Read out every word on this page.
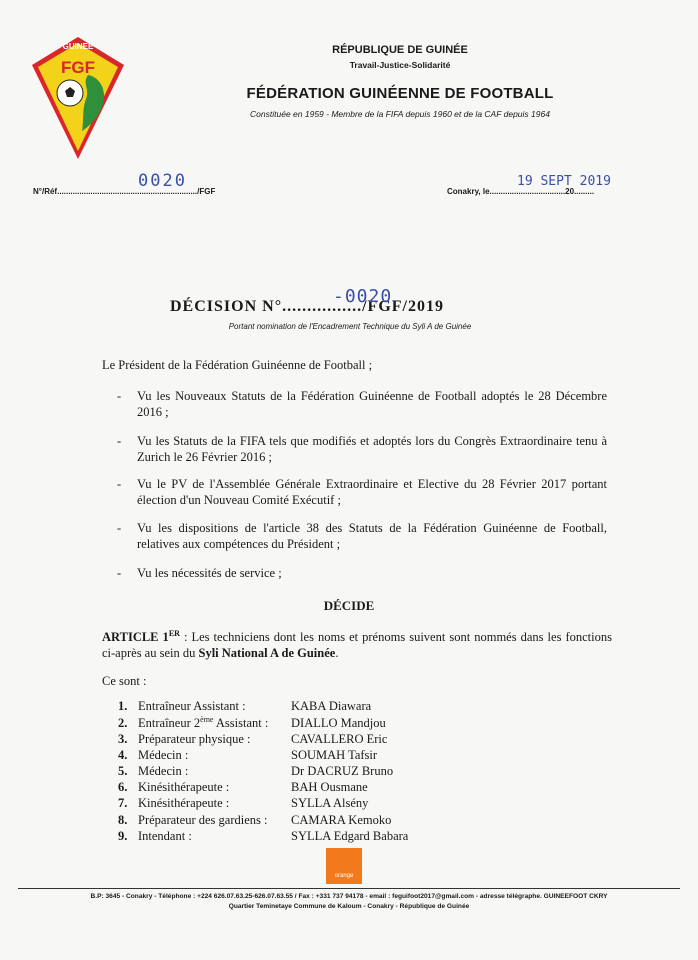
GUINEE
FGF
RÉPUBLIQUE DE GUINÉE
Travail-Justice-Solidarité
FÉDÉRATION GUINÉENNE DE FOOTBALL
Constituée en 1959 - Membre de la FIFA depuis 1960 et de la CAF depuis 1964
N°/Réf.............................................................../FGF
0020
Conakry, le..................................20.........
19 SEPT 2019
DÉCISION N°................/FGF/2019
-0020
Portant nomination de l'Encadrement Technique du Syli A de Guinée
Le Président de la Fédération Guinéenne de Football ;
- Vu les Nouveaux Statuts de la Fédération Guinéenne de Football adoptés le 28 Décembre 2016 ;
- Vu les Statuts de la FIFA tels que modifiés et adoptés lors du Congrès Extraordinaire tenu à Zurich le 26 Février 2016 ;
- Vu le PV de l'Assemblée Générale Extraordinaire et Elective du 28 Février 2017 portant élection d'un Nouveau Comité Exécutif ;
- Vu les dispositions de l'article 38 des Statuts de la Fédération Guinéenne de Football, relatives aux compétences du Président ;
- Vu les nécessités de service ;
DÉCIDE
ARTICLE 1ER : Les techniciens dont les noms et prénoms suivent sont nommés dans les fonctions ci-après au sein du Syli National A de Guinée.
Ce sont :
1. Entraîneur Assistant :	KABA Diawara
2. Entraîneur 2ème Assistant : DIALLO Mandjou
3. Préparateur physique :	CAVALLERO Eric
4. Médecin :	SOUMAH Tafsir
5. Médecin :	Dr DACRUZ Bruno
6. Kinésithérapeute :	BAH Ousmane
7. Kinésithérapeute :	SYLLA Alsény
8. Préparateur des gardiens : CAMARA Kemoko
9. Intendant :	SYLLA Edgard Babara
orange
B.P: 3645 - Conakry - Téléphone : +224 626.07.63.25-626.07.63.55 / Fax : +331 737 94178 - email : feguifoot2017@gmail.com - adresse télégraphe. GUINEEFOOT CKRY
Quartier Teminetaye Commune de Kaloum - Conakry - République de Guinée
